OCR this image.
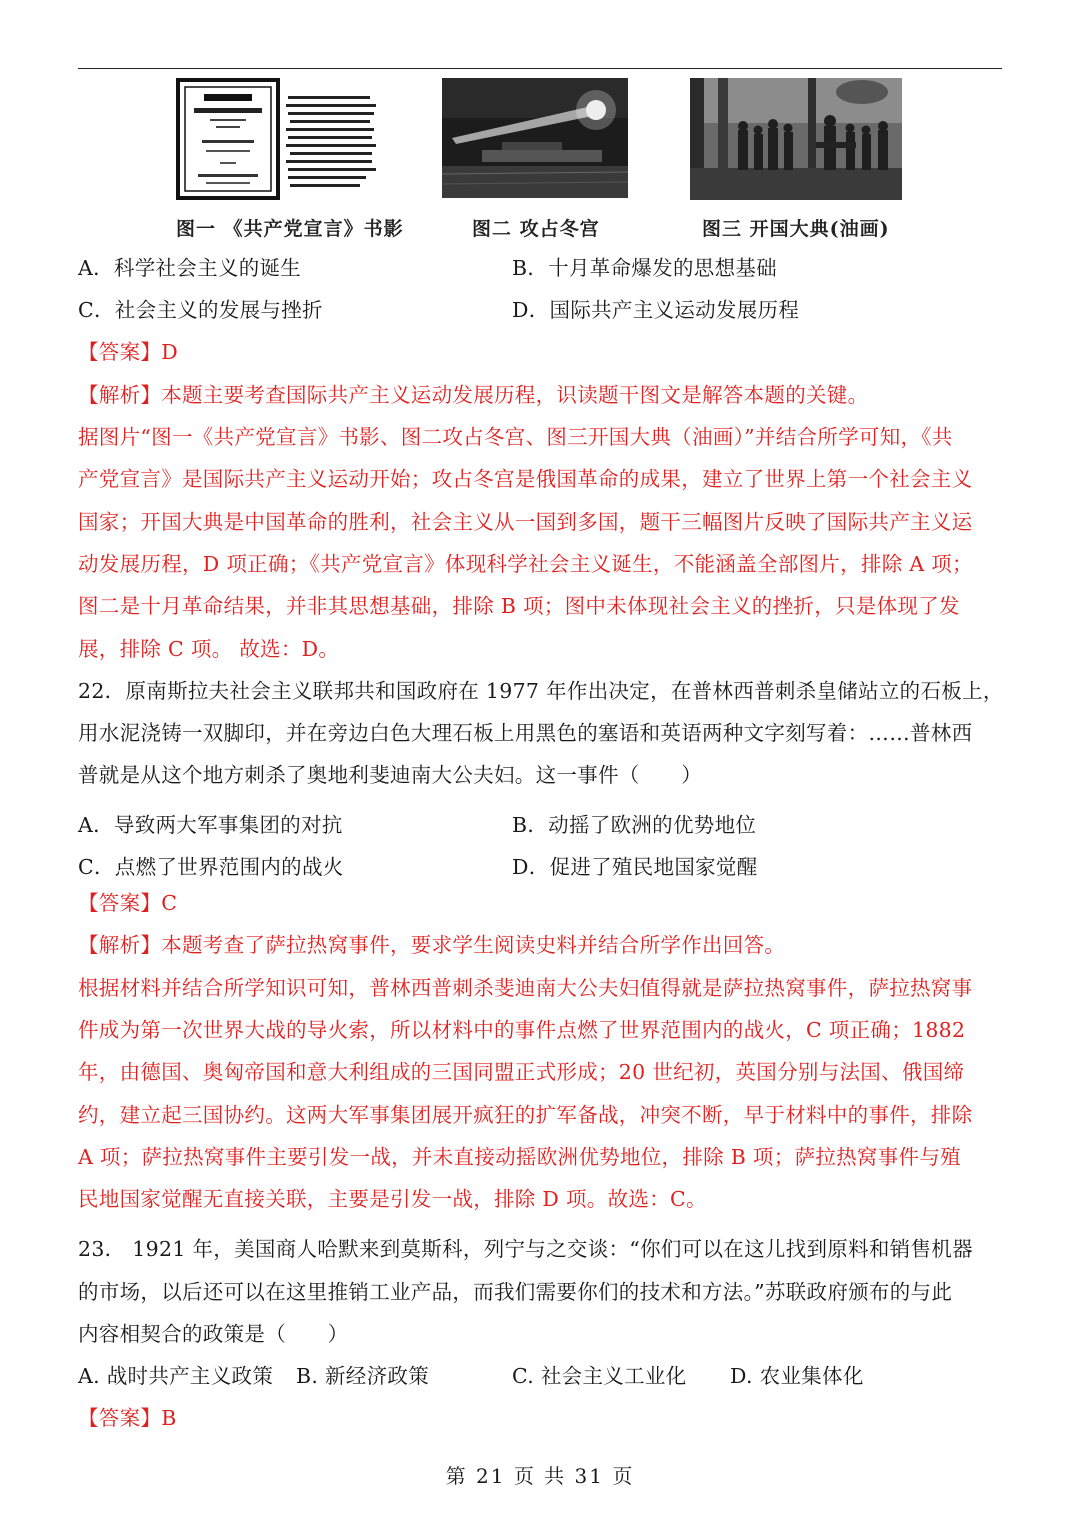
图一 《共产党宣言》书影	图二 攻占冬宫	图三 开国大典(油画)
A．科学社会主义的诞生	B．十月革命爆发的思想基础
C．社会主义的发展与挫折	D．国际共产主义运动发展历程
【答案】D
【解析】本题主要考查国际共产主义运动发展历程，识读题干图文是解答本题的关键。
据图片“图一《共产党宣言》书影、图二攻占冬宫、图三开国大典（油画）”并结合所学可知，《共
产党宣言》是国际共产主义运动开始；攻占冬宫是俄国革命的成果，建立了世界上第一个社会主义
国家；开国大典是中国革命的胜利，社会主义从一国到多国，题干三幅图片反映了国际共产主义运
动发展历程，D 项正确；《共产党宣言》体现科学社会主义诞生，不能涵盖全部图片，排除 A 项；
图二是十月革命结果，并非其思想基础，排除 B 项；图中未体现社会主义的挫折，只是体现了发
展，排除 C 项。 故选：D。
22．原南斯拉夫社会主义联邦共和国政府在 1977 年作出决定，在普林西普刺杀皇储站立的石板上，
用水泥浇铸一双脚印，并在旁边白色大理石板上用黑色的塞语和英语两种文字刻写着：……普林西
普就是从这个地方刺杀了奥地利斐迪南大公夫妇。这一事件（　　）
A．导致两大军事集团的对抗	B．动摇了欧洲的优势地位
C．点燃了世界范围内的战火	D．促进了殖民地国家觉醒
【答案】C
【解析】本题考查了萨拉热窝事件，要求学生阅读史料并结合所学作出回答。
根据材料并结合所学知识可知，普林西普刺杀斐迪南大公夫妇值得就是萨拉热窝事件，萨拉热窝事
件成为第一次世界大战的导火索，所以材料中的事件点燃了世界范围内的战火，C 项正确；1882
年，由德国、奥匈帝国和意大利组成的三国同盟正式形成；20 世纪初，英国分别与法国、俄国缔
约，建立起三国协约。这两大军事集团展开疯狂的扩军备战，冲突不断，早于材料中的事件，排除
A 项；萨拉热窝事件主要引发一战，并未直接动摇欧洲优势地位，排除 B 项；萨拉热窝事件与殖
民地国家觉醒无直接关联，主要是引发一战，排除 D 项。故选：C。
23． 1921 年，美国商人哈默来到莫斯科，列宁与之交谈：“你们可以在这儿找到原料和销售机器
的市场，以后还可以在这里推销工业产品，而我们需要你们的技术和方法。”苏联政府颁布的与此
内容相契合的政策是（　　）
A. 战时共产主义政策 B. 新经济政策	C. 社会主义工业化 D. 农业集体化
【答案】B
第 21 页 共 31 页
